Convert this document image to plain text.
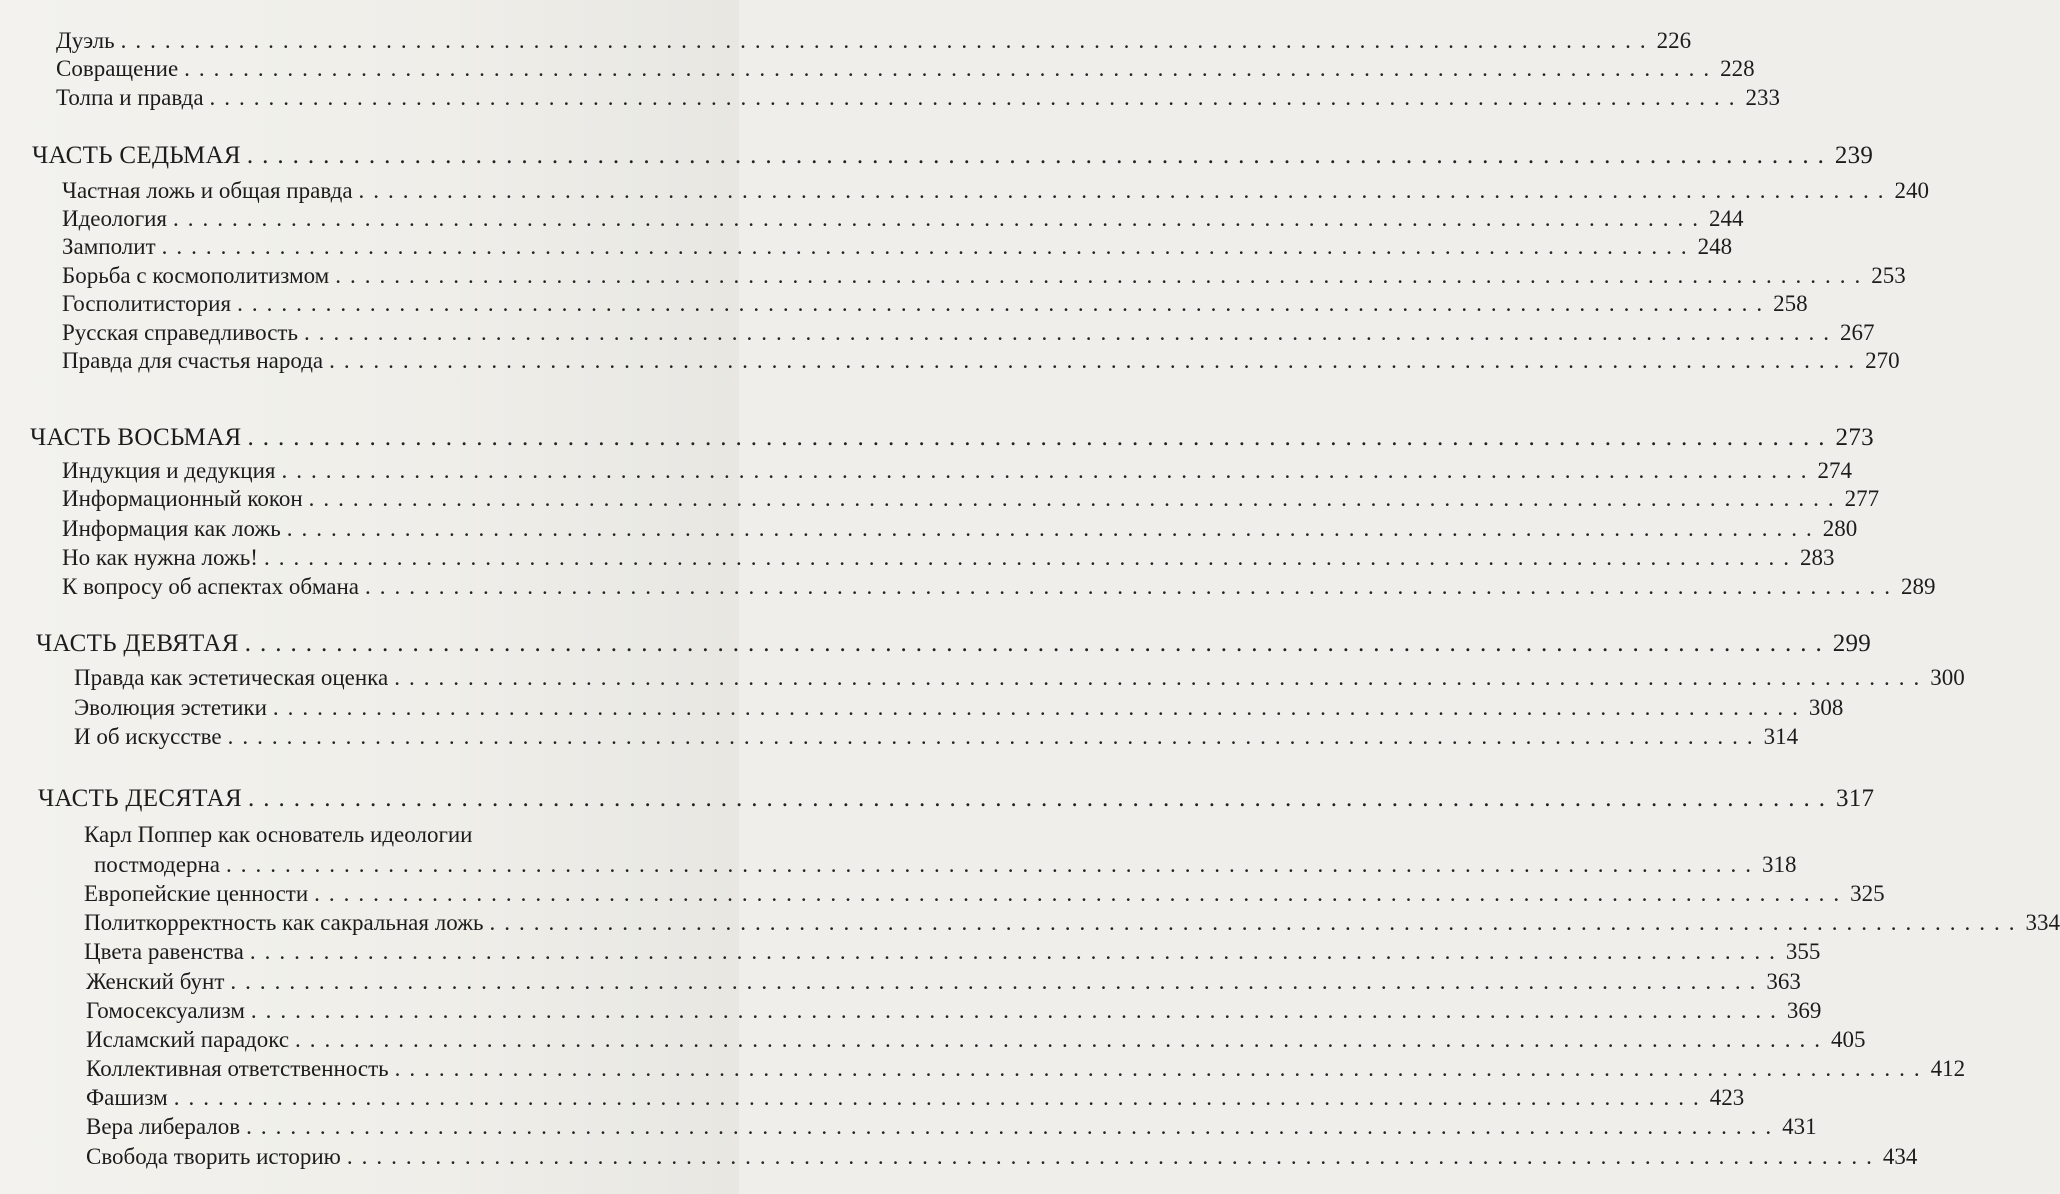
Дуэль ........................................................................................................ 226
Совращение ........................................................................................................ 228
Толпа и правда ........................................................................................................ 233
ЧАСТЬ СЕДЬМАЯ ........................................................................................................ 239
Частная ложь и общая правда ........................................................................................................ 240
Идеология ........................................................................................................ 244
Замполит ........................................................................................................ 248
Борьба с космополитизмом ........................................................................................................ 253
Госполитистория ........................................................................................................ 258
Русская справедливость ........................................................................................................ 267
Правда для счастья народа ........................................................................................................ 270
ЧАСТЬ ВОСЬМАЯ ........................................................................................................ 273
Индукция и дедукция ........................................................................................................ 274
Информационный кокон ........................................................................................................ 277
Информация как ложь ........................................................................................................ 280
Но как нужна ложь! ........................................................................................................ 283
К вопросу об аспектах обмана ........................................................................................................ 289
ЧАСТЬ ДЕВЯТАЯ ........................................................................................................ 299
Правда как эстетическая оценка ........................................................................................................ 300
Эволюция эстетики ........................................................................................................ 308
И об искусстве ........................................................................................................ 314
ЧАСТЬ ДЕСЯТАЯ ........................................................................................................ 317
Карл Поппер как основатель идеологии
постмодерна ........................................................................................................ 318
Европейские ценности ........................................................................................................ 325
Политкорректность как сакральная ложь ........................................................................................................ 334
Цвета равенства ........................................................................................................ 355
Женский бунт ........................................................................................................ 363
Гомосексуализм ........................................................................................................ 369
Исламский парадокс ........................................................................................................ 405
Коллективная ответственность ........................................................................................................ 412
Фашизм ........................................................................................................ 423
Вера либералов ........................................................................................................ 431
Свобода творить историю ........................................................................................................ 434
